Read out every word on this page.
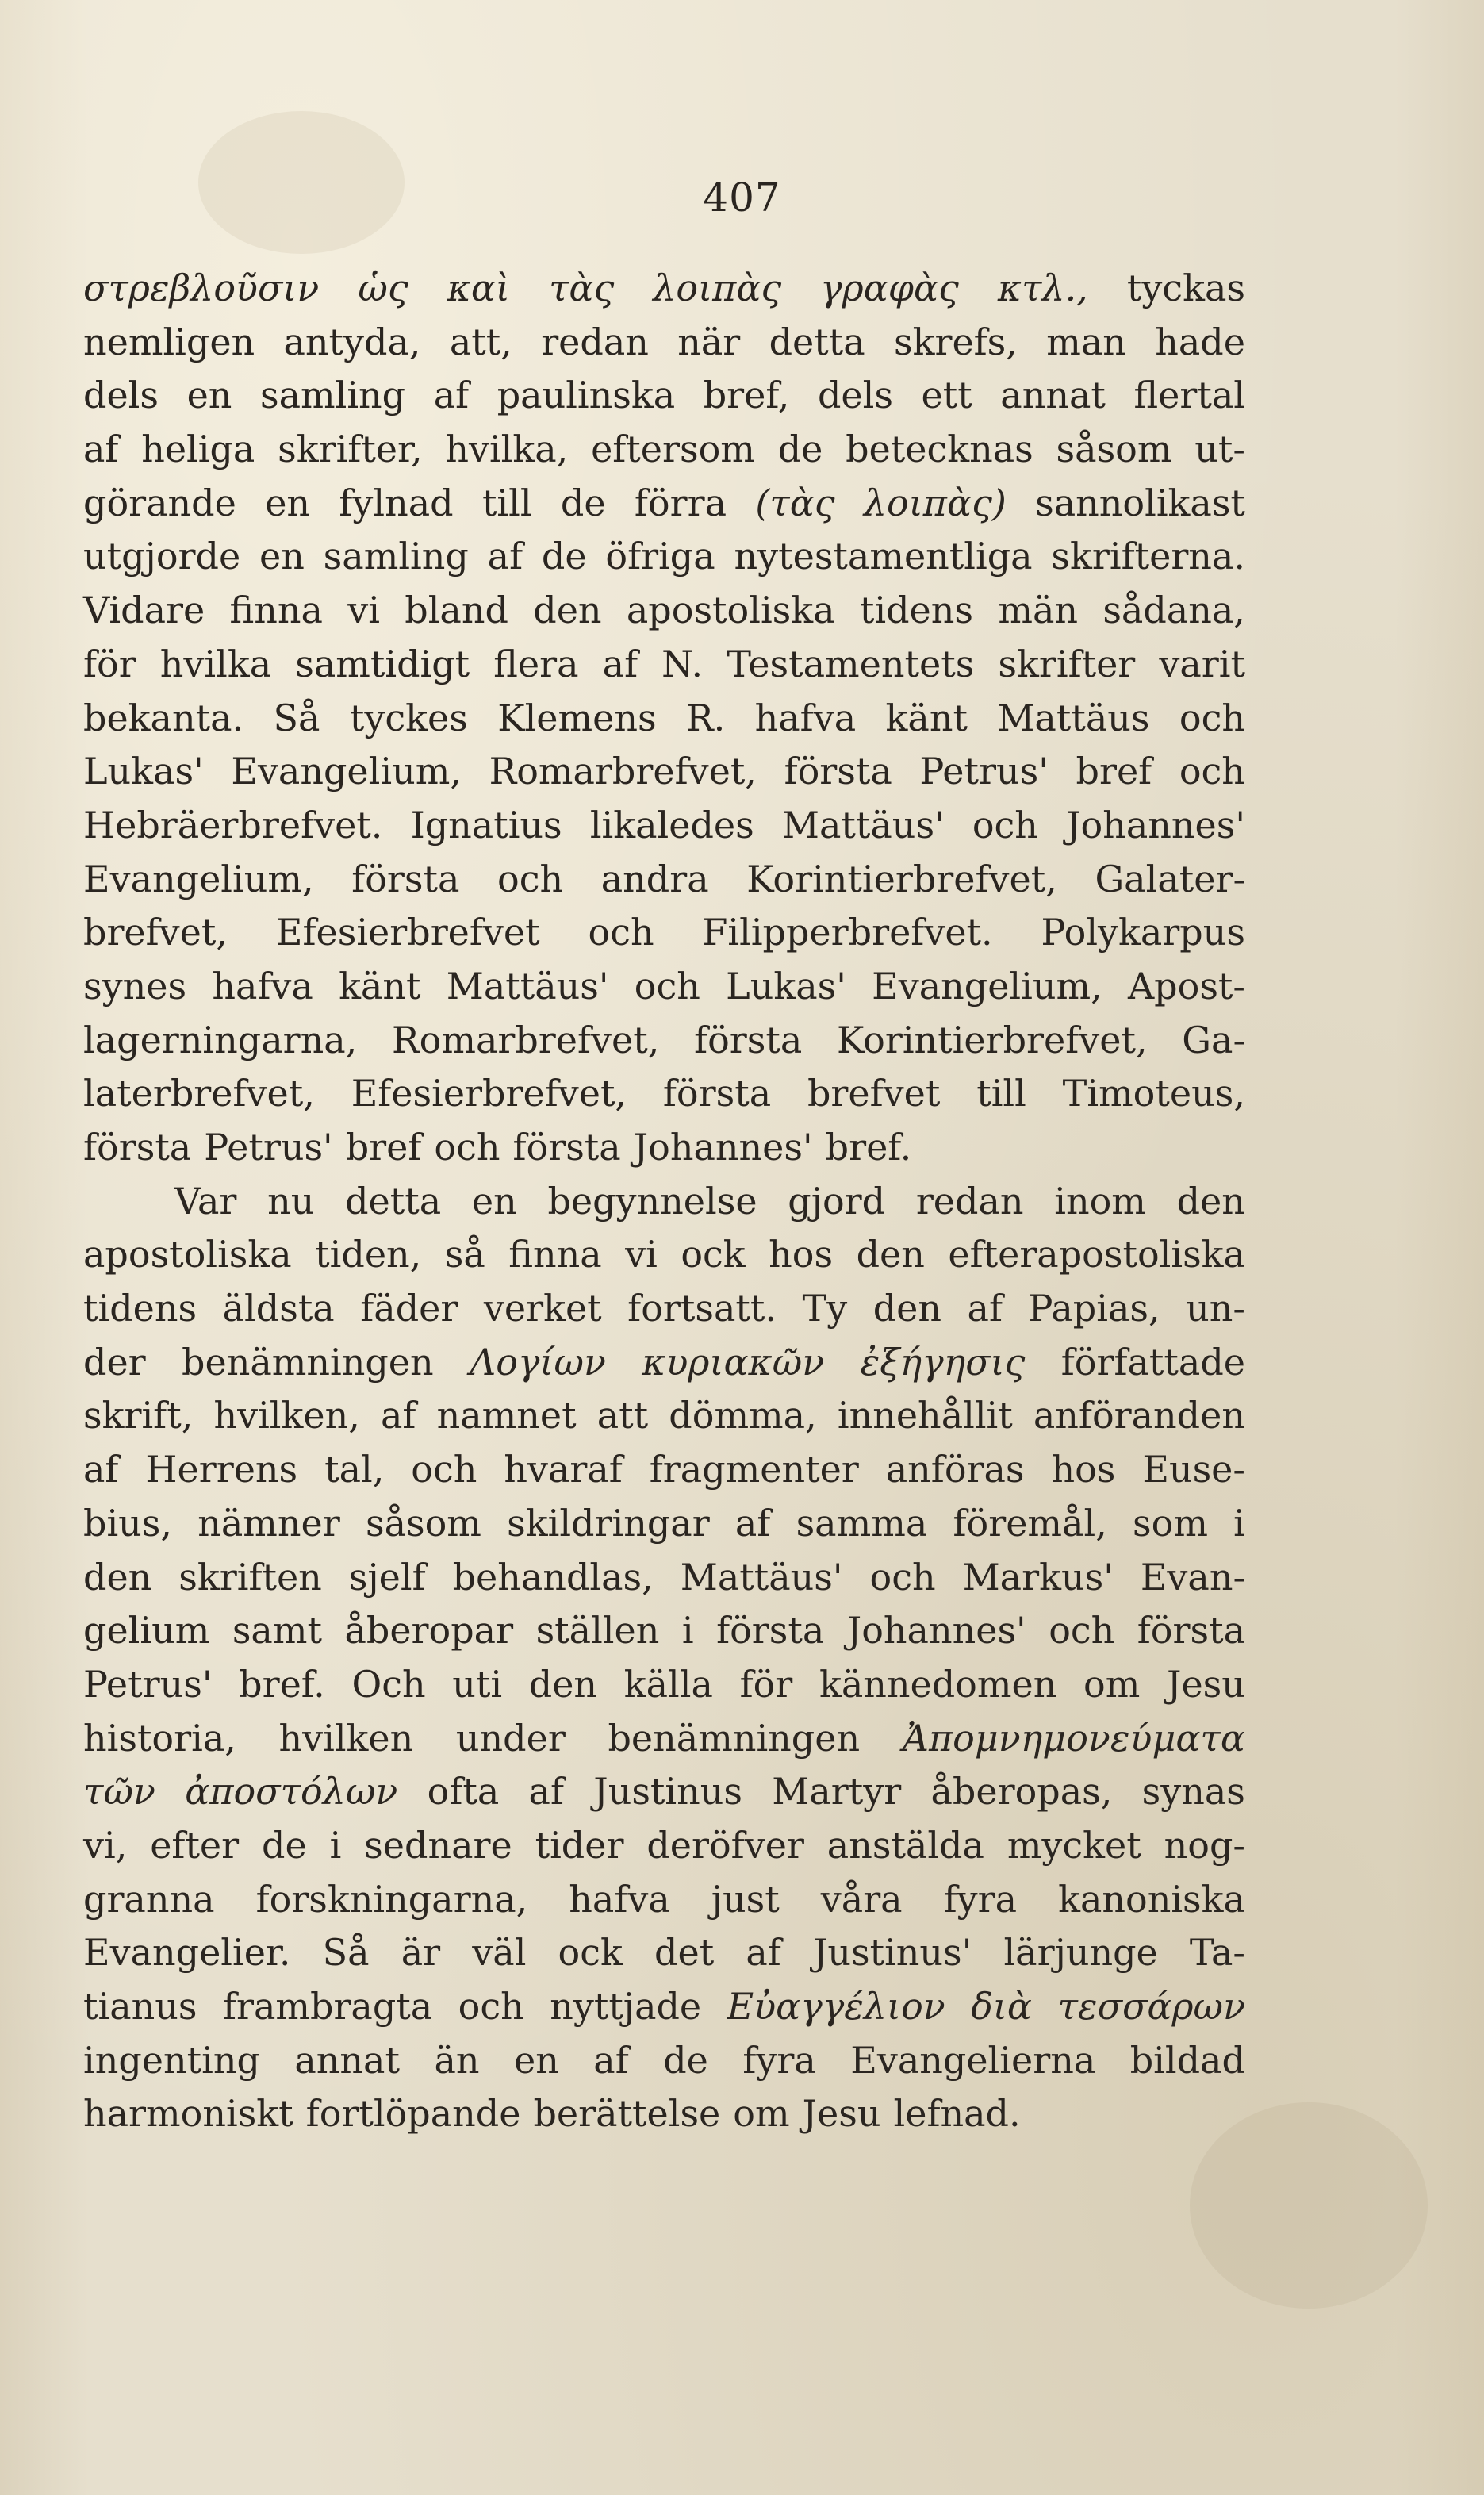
407
στρεβλοῦσιν ὡς καὶ τὰς λοιπὰς γραφὰς κτλ., tyckas
nemligen antyda, att, redan när detta skrefs, man hade
dels en samling af paulinska bref, dels ett annat flertal
af heliga skrifter, hvilka, eftersom de betecknas såsom ut-
görande en fylnad till de förra (τὰς λοιπὰς) sannolikast
utgjorde en samling af de öfriga nytestamentliga skrifterna.
Vidare finna vi bland den apostoliska tidens män sådana,
för hvilka samtidigt flera af N. Testamentets skrifter varit
bekanta. Så tyckes Klemens R. hafva känt Mattäus och
Lukas' Evangelium, Romarbrefvet, första Petrus' bref och
Hebräerbrefvet. Ignatius likaledes Mattäus' och Johannes'
Evangelium, första och andra Korintierbrefvet, Galater-
brefvet, Efesierbrefvet och Filipperbrefvet. Polykarpus
synes hafva känt Mattäus' och Lukas' Evangelium, Apost-
lagerningarna, Romarbrefvet, första Korintierbrefvet, Ga-
laterbrefvet, Efesierbrefvet, första brefvet till Timoteus,
första Petrus' bref och första Johannes' bref.
Var nu detta en begynnelse gjord redan inom den
apostoliska tiden, så finna vi ock hos den efterapostoliska
tidens äldsta fäder verket fortsatt. Ty den af Papias, un-
der benämningen Λογίων κυριακῶν ἐξήγησις författade
skrift, hvilken, af namnet att dömma, innehållit anföranden
af Herrens tal, och hvaraf fragmenter anföras hos Euse-
bius, nämner såsom skildringar af samma föremål, som i
den skriften sjelf behandlas, Mattäus' och Markus' Evan-
gelium samt åberopar ställen i första Johannes' och första
Petrus' bref. Och uti den källa för kännedomen om Jesu
historia, hvilken under benämningen Ἀπομνημονεύματα
τῶν ἀποστόλων ofta af Justinus Martyr åberopas, synas
vi, efter de i sednare tider deröfver anstälda mycket nog-
granna forskningarna, hafva just våra fyra kanoniska
Evangelier. Så är väl ock det af Justinus' lärjunge Ta-
tianus frambragta och nyttjade Εὐαγγέλιον διὰ τεσσάρων
ingenting annat än en af de fyra Evangelierna bildad
harmoniskt fortlöpande berättelse om Jesu lefnad.
